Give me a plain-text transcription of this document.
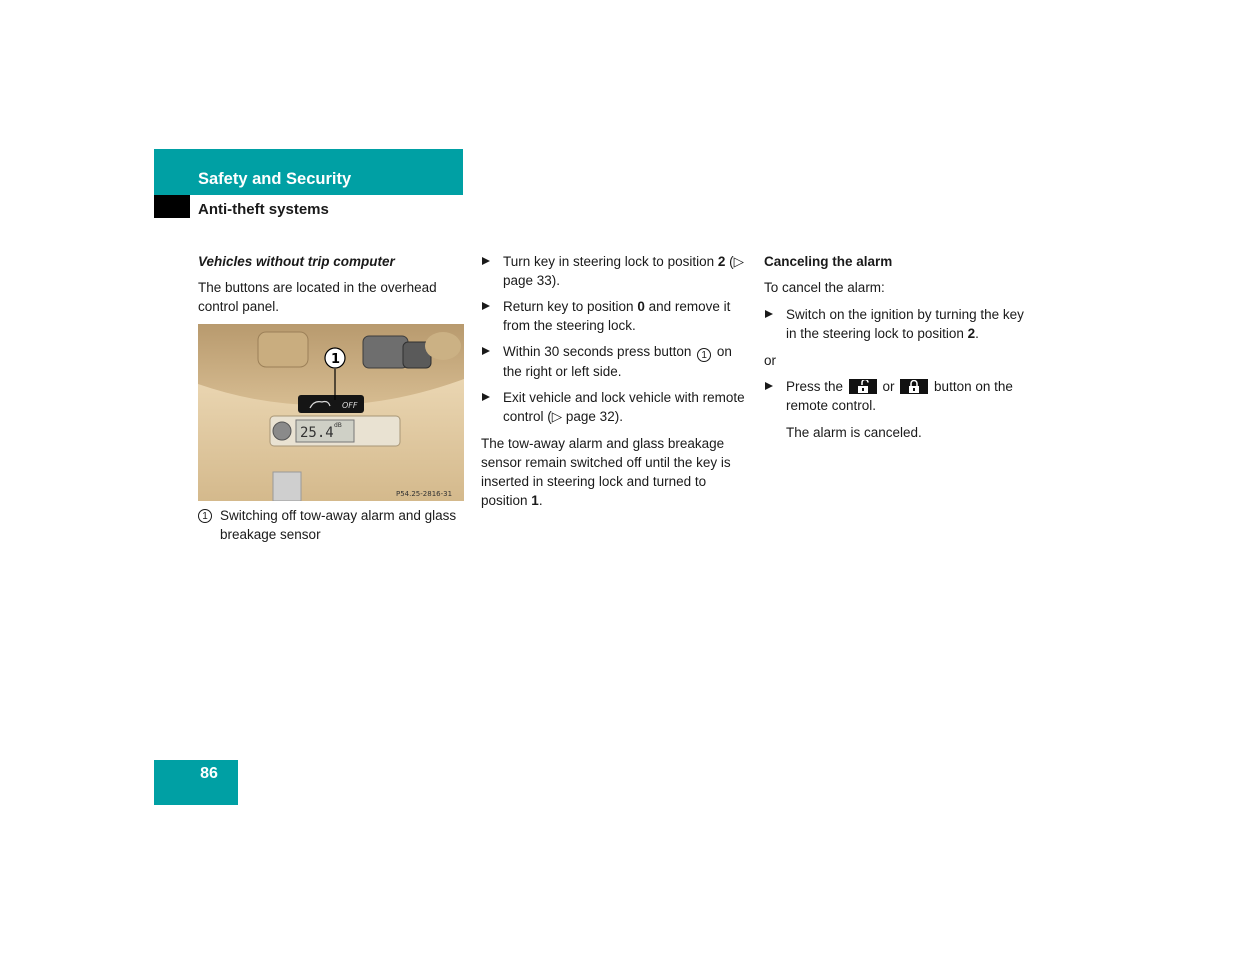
Safety and Security
Anti-theft systems

Vehicles without trip computer

The buttons are located in the overhead control panel.

OFF
25.4 dB
1
P54.25-2816-31
1 Switching off tow-away alarm and glass breakage sensor
Turn key in steering lock to position 2 (▷ page 33).
Return key to position 0 and remove it from the steering lock.
Within 30 seconds press button 1 on the right or left side.
Exit vehicle and lock vehicle with remote control (▷ page 32).

The tow-away alarm and glass breakage sensor remain switched off until the key is inserted in steering lock and turned to position 1.

Canceling the alarm

To cancel the alarm:

Switch on the ignition by turning the key in the steering lock to position 2.

or

Press the
or
button on the remote control.

The alarm is canceled.

86
